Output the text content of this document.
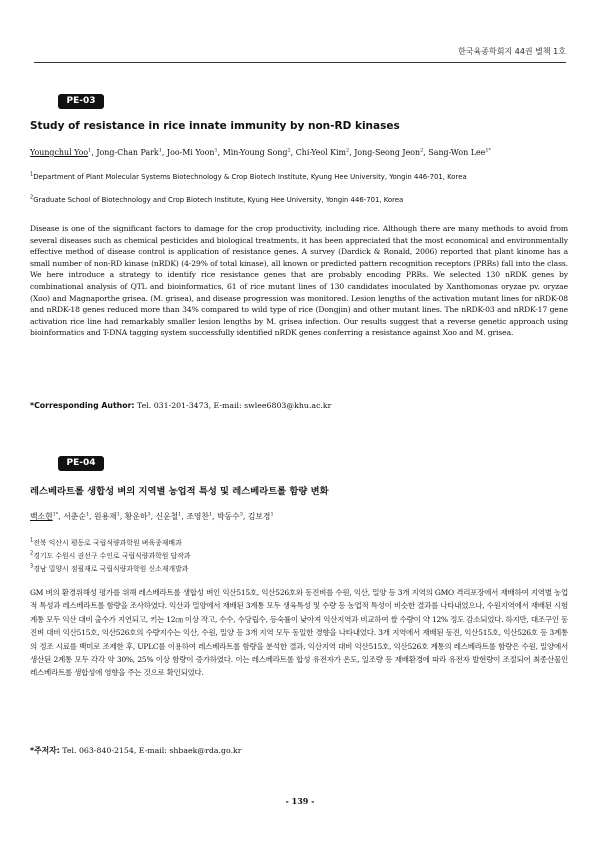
한국육종학회지 44권 별책 1호
PE-03
Study of resistance in rice innate immunity by non-RD kinases
Youngchul Yoo$^1$, Jong-Chan Park$^1$, Joo-Mi Yoon$^1$, Min-Young Song$^2$, Chi-Yeol Kim$^2$, Jong-Seong Jeon$^2$, Sang-Won Lee$^{1*}$
$^1$Department of Plant Molecular Systems Biotechnology & Crop Biotech Institute, Kyung Hee University, Yongin 446-701, Korea
$^2$Graduate School of Biotechnology and Crop Biotech Institute, Kyung Hee University, Yongin 446-701, Korea
Disease is one of the significant factors to damage for the crop productivity, including rice. Although there are many methods to avoid from several diseases such as chemical pesticides and biological treatments, it has been appreciated that the most economical and environmentally effective method of disease control is application of resistance genes. A survey (Dardick & Ronald, 2006) reported that plant kinome has a small number of non-RD kinase (nRDK) (4-29% of total kinase), all known or predicted pattern recognition receptors (PRRs) fall into the class. We here introduce a strategy to identify rice resistance genes that are probably encoding PRRs. We selected 130 nRDK genes by combinational analysis of QTL and bioinformatics, 61 of rice mutant lines of 130 candidates inoculated by Xanthomonas oryzae pv. oryzae (Xoo) and Magnaporthe grisea. (M. grisea), and disease progression was monitored. Lesion lengths of the activation mutant lines for nRDK-08 and nRDK-18 genes reduced more than 34% compared to wild type of rice (Dongjin) and other mutant lines. The nRDK-03 and nRDK-17 gene activation rice line had remarkably smaller lesion lengths by M. grisea infection. Our results suggest that a reverse genetic approach using bioinformatics and T-DNA tagging system successfully identified nRDK genes conferring a resistance against Xoo and M. grisea.
*Corresponding Author: Tel. 031-201-3473, E-mail: swlee6803@khu.ac.kr
PE-04
레스베라트롤 생합성 벼의 지역별 농업적 특성 및 레스베라트롤 함량 변화
백소현$^{1*}$, 서춘순$^1$, 원용재$^1$, 황운하$^3$, 신운철$^1$, 조영찬$^1$, 박동수$^3$, 김보경$^1$
$^1$전북 익산시 평동로 국립식량과학원 벼육종재배과
$^2$경기도 수원시 권선구 수인로 국립식량과학원 답작과
$^3$경남 밀양시 점필재로 국립식량과학원 신소재개발과
GM 벼의 환경위해성 평가를 위해 레스베라트롤 생합성 벼인 익산515호, 익산526호와 동진벼를 수원, 익산, 밀양 등 3개 지역의 GMO 격리포장에서 재배하여 지역별 농업적 특성과 레스베라트롤 함량을 조사하였다. 익산과 밀양에서 재배된 3계통 모두 생육특성 및 수량 등 농업적 특성이 비슷한 결과를 나타내었으나, 수원지역에서 재배된 시험계통 모두 익산 대비 출수가 지연되고, 키는 12㎝ 이상 작고, 수수, 수당립수, 등숙률이 낮아져 익산지역과 비교하여 쌀 수량이 약 12% 정도 감소되었다. 하지만, 대조구인 동진벼 대비 익산515호, 익산526호의 수량지수는 익산, 수원, 밀양 등 3개 지역 모두 동일한 경향을 나타내었다. 3개 지역에서 재배된 동진, 익산515호, 익산526호 등 3계통의 정조 시료를 백미로 조제한 후, UPLC를 이용하여 레스베라트롤 함량을 분석한 결과, 익산지역 대비 익산515호, 익산526호 계통의 레스베라트롤 함량은 수원, 밀양에서 생산된 2계통 모두 각각 약 30%, 25% 이상 함량이 증가하였다. 이는 레스베라트롤 합성 유전자가 온도, 일조량 등 재배환경에 따라 유전자 발현량이 조절되어 최종산물인 레스베라트롤 생합성에 영향을 주는 것으로 확인되었다.
*주저자: Tel. 063-840-2154, E-mail: shbaek@rda.go.kr
- 139 -
